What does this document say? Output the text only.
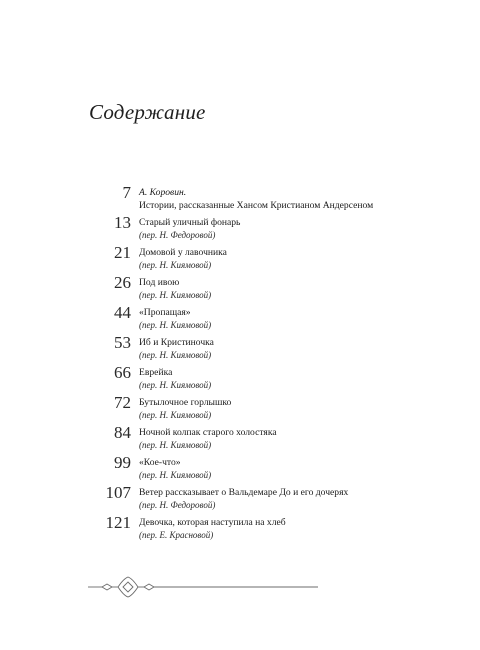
Содержание
7 А. Коровин.
Истории, рассказанные Хансом Кристианом Андерсеном
13 Старый уличный фонарь
(пер. Н. Федоровой)
21 Домовой у лавочника
(пер. Н. Киямовой)
26 Под ивою
(пер. Н. Киямовой)
44 «Пропащая»
(пер. Н. Киямовой)
53 Иб и Кристиночка
(пер. Н. Киямовой)
66 Еврейка
(пер. Н. Киямовой)
72 Бутылочное горлышко
(пер. Н. Киямовой)
84 Ночной колпак старого холостяка
(пер. Н. Киямовой)
99 «Кое-что»
(пер. Н. Киямовой)
107 Ветер рассказывает о Вальдемаре До и его дочерях
(пер. Н. Федоровой)
121 Девочка, которая наступила на хлеб
(пер. Е. Красновой)
